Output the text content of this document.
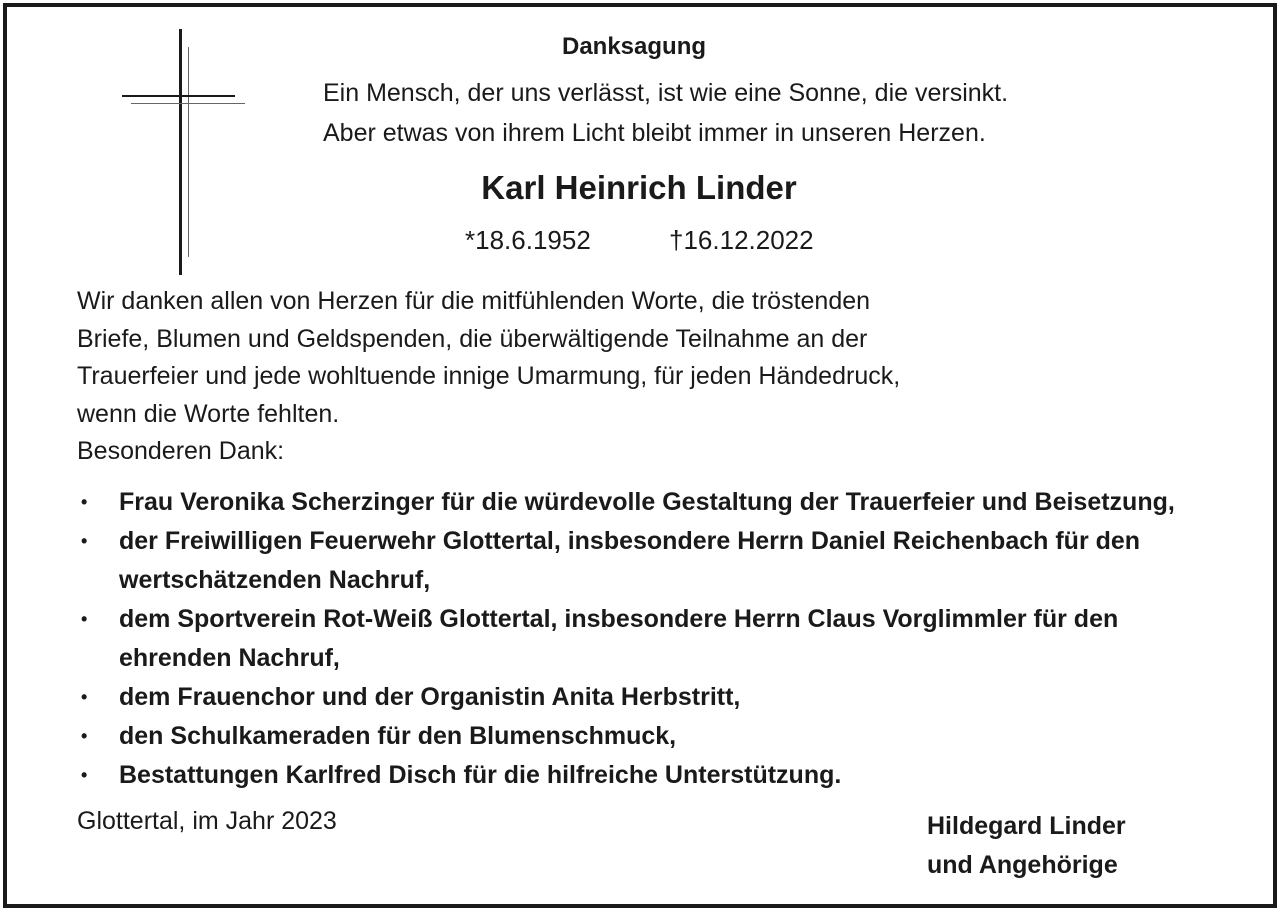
Danksagung
Ein Mensch, der uns verlässt, ist wie eine Sonne, die versinkt.
Aber etwas von ihrem Licht bleibt immer in unseren Herzen.
Karl Heinrich Linder
*18.6.1952	†16.12.2022
Wir danken allen von Herzen für die mitfühlenden Worte, die tröstenden
Briefe, Blumen und Geldspenden, die überwältigende Teilnahme an der
Trauerfeier und jede wohltuende innige Umarmung, für jeden Händedruck,
wenn die Worte fehlten.
Besonderen Dank:
• Frau Veronika Scherzinger für die würdevolle Gestaltung der Trauerfeier und Beisetzung,
• der Freiwilligen Feuerwehr Glottertal, insbesondere Herrn Daniel Reichenbach für den
wertschätzenden Nachruf,
• dem Sportverein Rot-Weiß Glottertal, insbesondere Herrn Claus Vorglimmler für den
ehrenden Nachruf,
• dem Frauenchor und der Organistin Anita Herbstritt,
• den Schulkameraden für den Blumenschmuck,
• Bestattungen Karlfred Disch für die hilfreiche Unterstützung.
Glottertal, im Jahr 2023	Hildegard Linder
und Angehörige
